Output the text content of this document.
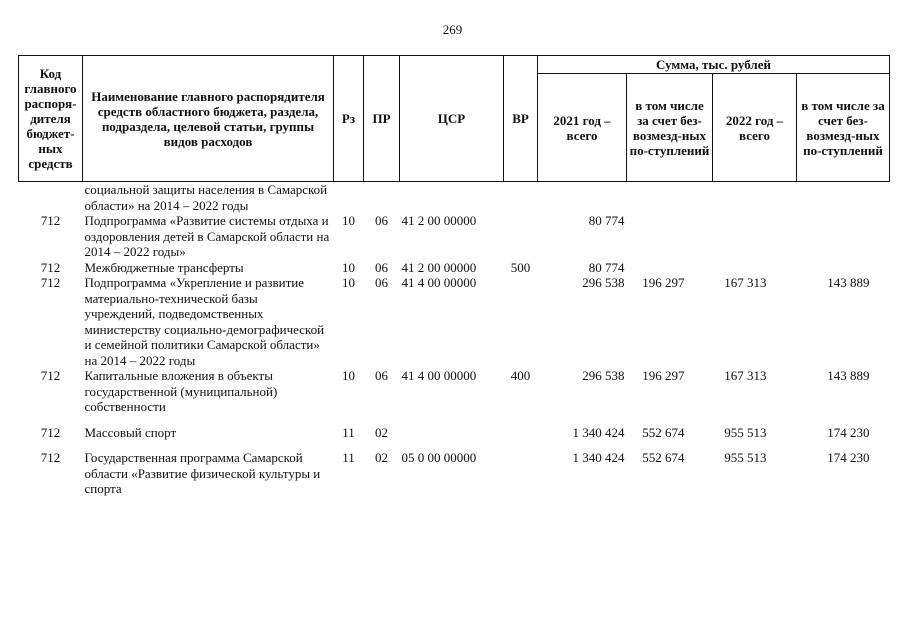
269
Код главного распоря-дителя бюджет-ных средств	Наименование главного распорядителя средств областного бюджета, раздела, подраздела, целевой статьи, группы видов расходов	Рз	ПР	ЦСР	ВР	Сумма, тыс. рублей			
						2021 год – всего	в том числе за счет без-возмезд-ных по-ступлений	2022 год – всего	в том числе за счет без-возмезд-ных по-ступлений
	социальной защиты населения в Самарской области» на 2014 – 2022 годы								
712	Подпрограмма «Развитие системы отдыха и оздоровления детей в Самарской области на 2014 – 2022 годы»	10	06	41 2 00 00000		80 774			
712	Межбюджетные трансферты	10	06	41 2 00 00000	500	80 774			
712	Подпрограмма «Укрепление и развитие материально-технической базы учреждений, подведомственных министерству социально-демографической и семейной политики Самарской области» на 2014 – 2022 годы	10	06	41 4 00 00000		296 538	196 297	167 313	143 889
712	Капитальные вложения в объекты государственной (муниципальной) собственности	10	06	41 4 00 00000	400	296 538	196 297	167 313	143 889

712	Массовый спорт	11	02			1 340 424	552 674	955 513	174 230

712	Государственная программа Самарской области «Развитие физической культуры и спорта	11	02	05 0 00 00000		1 340 424	552 674	955 513	174 230
